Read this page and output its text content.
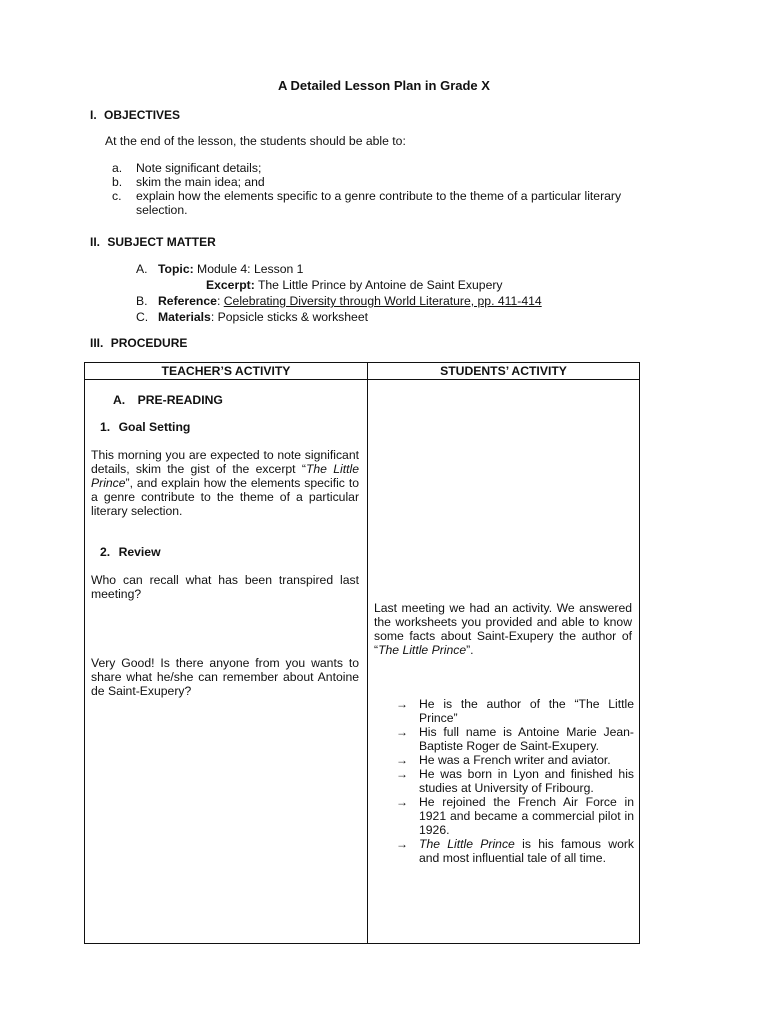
A Detailed Lesson Plan in Grade X
I. OBJECTIVES
At the end of the lesson, the students should be able to:
a. Note significant details;
b. skim the main idea; and
c. explain how the elements specific to a genre contribute to the theme of a particular literary selection.
II. SUBJECT MATTER
A. Topic: Module 4: Lesson 1
Excerpt: The Little Prince by Antoine de Saint Exupery
B. Reference: Celebrating Diversity through World Literature, pp. 411-414
C. Materials: Popsicle sticks & worksheet
III. PROCEDURE
TEACHER’S ACTIVITY	STUDENTS’ ACTIVITY
A. PRE-READING
1. Goal Setting
This morning you are expected to note significant details, skim the gist of the excerpt “The Little Prince”, and explain how the elements specific to a genre contribute to the theme of a particular literary selection.
2. Review
Who can recall what has been transpired last meeting?
Very Good! Is there anyone from you wants to share what he/she can remember about Antoine de Saint-Exupery?
Last meeting we had an activity. We answered the worksheets you provided and able to know some facts about Saint-Exupery the author of “The Little Prince”.
→ He is the author of the “The Little Prince”
→ His full name is Antoine Marie Jean-Baptiste Roger de Saint-Exupery.
→ He was a French writer and aviator.
→ He was born in Lyon and finished his studies at University of Fribourg.
→ He rejoined the French Air Force in 1921 and became a commercial pilot in 1926.
→ The Little Prince is his famous work and most influential tale of all time.
